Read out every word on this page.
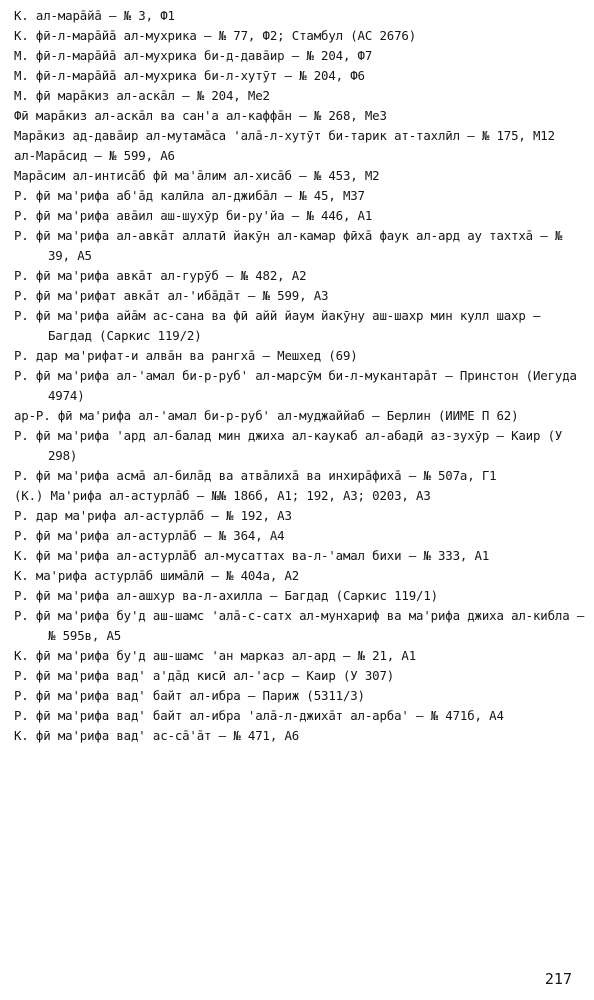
К. ал-марāйā – № 3, Ф1

К. фӣ-л-марāйā ал-мухрика – № 77, Ф2; Стамбул (АС 2676)

М. фӣ-л-марāйā ал-мухрика би-д-давāир – № 204, Ф7

М. фӣ-л-марāйā ал-мухрика би-л-хутӯт – № 204, Ф6

М. фӣ марāкиз ал-аскāл – № 204, Ме2

Фӣ марāкиз ал-аскāл ва сан'а ал-каффāн – № 268, Ме3

Марāкиз ад-давāир ал-мутамāса 'алā-л-хутӯт би-тарик ат-тахлӣл – № 175, М12

ал-Марāсид – № 599, А6

Марāсим ал-интисāб фӣ ма'āлим ал-хисāб – № 453, М2

Р. фӣ ма'рифа аб'āд калӣла ал-джибāл – № 45, М37

Р. фӣ ма'рифа авāил аш-шухӯр би-ру'йа – № 446, А1

Р. фӣ ма'рифа ал-авкāт аллатӣ йакӯн ал-камар фӣхā фаук ал-ард ау тахтхā – № 39, А5

Р. фӣ ма'рифа авкāт ал-гурӯб – № 482, А2

Р. фӣ ма'рифат авкāт ал-'ибāдāт – № 599, А3

Р. фӣ ма'рифа айāм ас-сана ва фӣ айй йаум йакӯну аш-шахр мин кулл шахр – Багдад (Саркис 119/2)

Р. дар ма'рифат-и алвāн ва рангхā – Мешхед (69)

Р. фӣ ма'рифа ал-'амал би-р-руб' ал-марсӯм би-л-мукантарāт – Принстон (Иегуда 4974)

ар-Р. фӣ ма'рифа ал-'амал би-р-руб' ал-муджаййаб – Берлин (ИИМЕ П 62)

Р. фӣ ма'рифа 'ард ал-балад мин джиха ал-каукаб ал-абадӣ аз-зухӯр – Каир (У 298)

Р. фӣ ма'рифа асмā ал-билāд ва атвāлихā ва инхирāфихā – № 507а, Г1

(К.) Ма'рифа ал-астурлāб – №№ 186б, А1; 192, А3; 0203, А3

Р. дар ма'рифа ал-астурлāб – № 192, А3

Р. фӣ ма'рифа ал-астурлāб – № 364, А4

К. фӣ ма'рифа ал-астурлāб ал-мусаттах ва-л-'амал бихи – № 333, А1

К. ма'рифа астурлāб шимāлӣ – № 404а, А2

Р. фӣ ма'рифа ал-ашхур ва-л-ахилла – Багдад (Саркис 119/1)

Р. фӣ ма'рифа бу'д аш-шамс 'алā-с-сатх ал-мунхариф ва ма'рифа джиха ал-кибла – № 595в, А5

К. фӣ ма'рифа бу'д аш-шамс 'ан марказ ал-ард – № 21, А1

Р. фӣ ма'рифа вад' а'дāд кисӣ ал-'аср – Каир (У 307)

Р. фӣ ма'рифа вад' байт ал-ибра – Париж (5311/3)

Р. фӣ ма'рифа вад' байт ал-ибра 'алā-л-джихāт ал-арба' – № 471б, А4

К. фӣ ма'рифа вад' ас-сā'āт – № 471, А6

217
